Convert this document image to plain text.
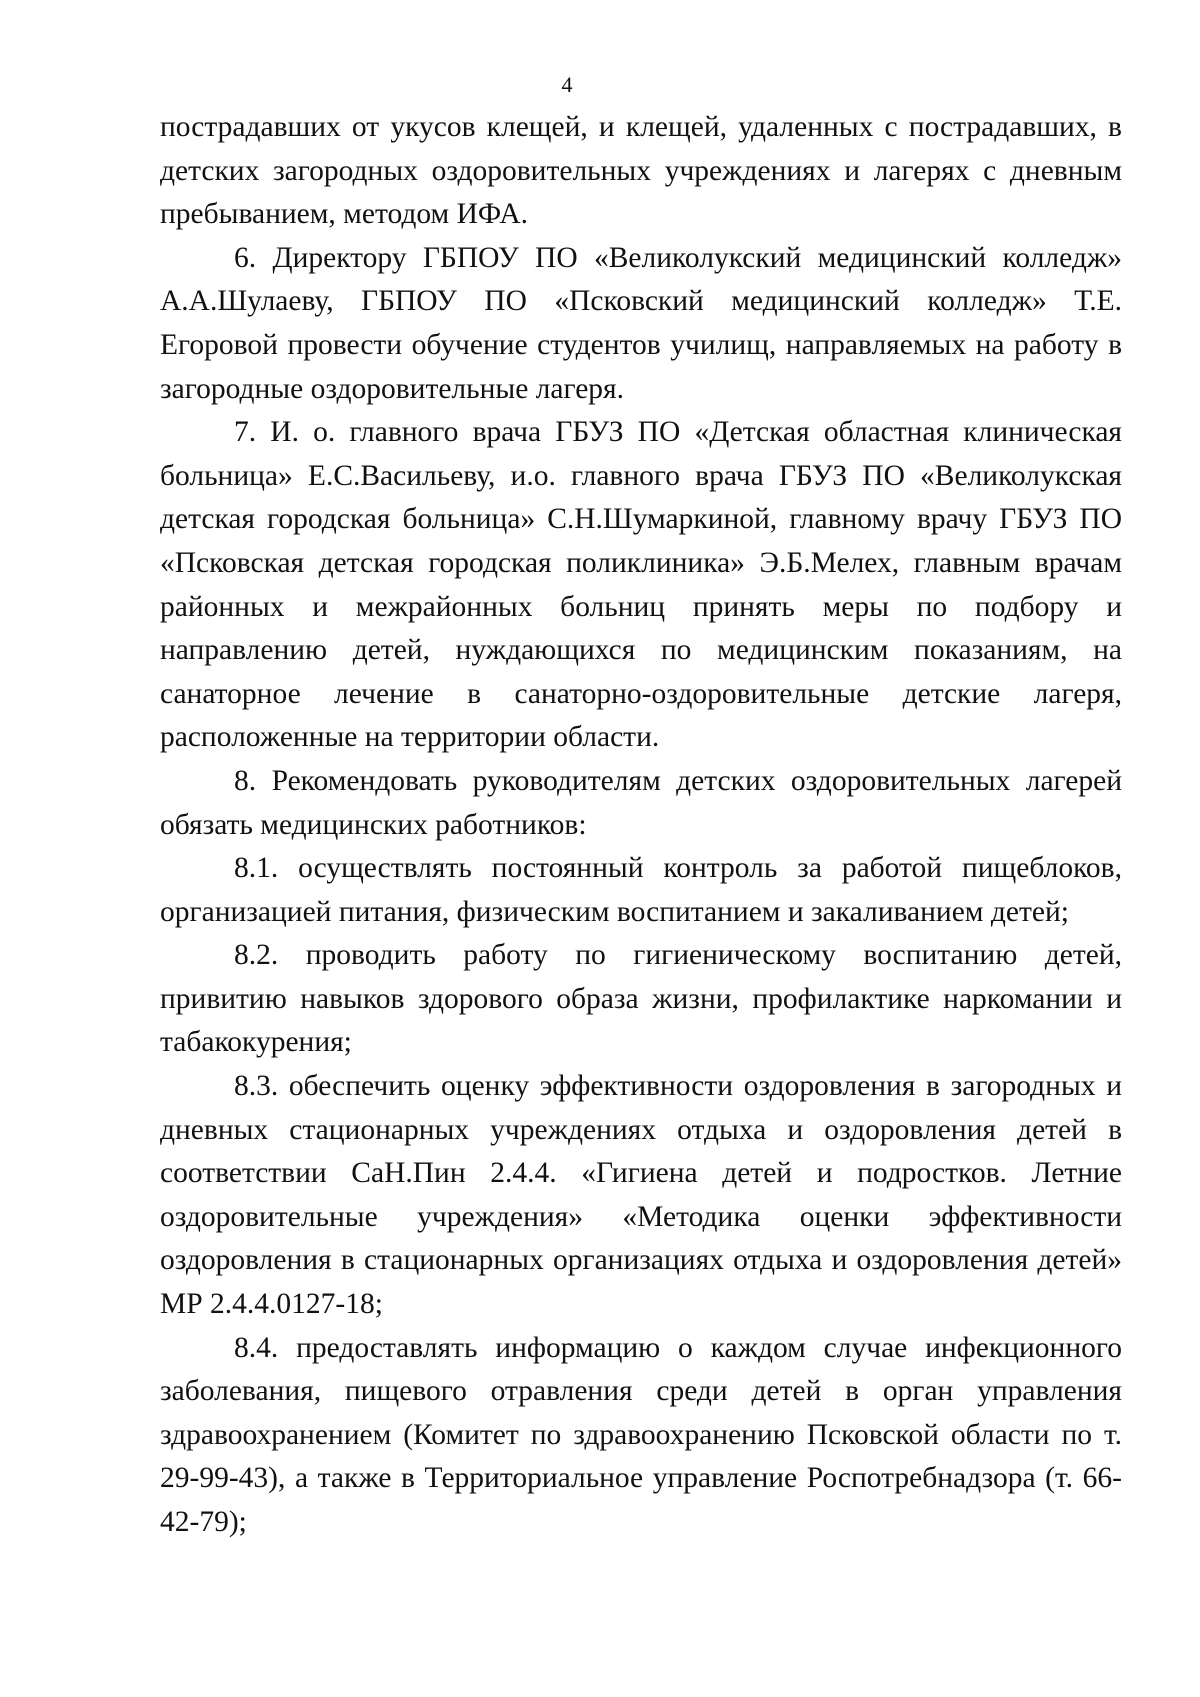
4

пострадавших от укусов клещей, и клещей, удаленных с пострадавших, в детских загородных оздоровительных учреждениях и лагерях с дневным пребыванием, методом ИФА.

6. Директору ГБПОУ ПО «Великолукский медицинский колледж» А.А.Шулаеву, ГБПОУ ПО «Псковский медицинский колледж» Т.Е. Егоровой провести обучение студентов училищ, направляемых на работу в загородные оздоровительные лагеря.

7. И. о. главного врача ГБУЗ ПО «Детская областная клиническая больница» Е.С.Васильеву, и.о. главного врача ГБУЗ ПО «Великолукская детская городская больница» С.Н.Шумаркиной, главному врачу ГБУЗ ПО «Псковская детская городская поликлиника» Э.Б.Мелех, главным врачам районных и межрайонных больниц принять меры по подбору и направлению детей, нуждающихся по медицинским показаниям, на санаторное лечение в санаторно-оздоровительные детские лагеря, расположенные на территории области.

8. Рекомендовать руководителям детских оздоровительных лагерей обязать медицинских работников:

8.1. осуществлять постоянный контроль за работой пищеблоков, организацией питания, физическим воспитанием и закаливанием детей;

8.2. проводить работу по гигиеническому воспитанию детей, привитию навыков здорового образа жизни, профилактике наркомании и табакокурения;

8.3. обеспечить оценку эффективности оздоровления в загородных и дневных стационарных учреждениях отдыха и оздоровления детей в соответствии СаН.Пин 2.4.4. «Гигиена детей и подростков. Летние оздоровительные учреждения» «Методика оценки эффективности оздоровления в стационарных организациях отдыха и оздоровления детей» МР 2.4.4.0127-18;

8.4. предоставлять информацию о каждом случае инфекционного заболевания, пищевого отравления среди детей в орган управления здравоохранением (Комитет по здравоохранению Псковской области по т. 29-99-43), а также в Территориальное управление Роспотребнадзора (т. 66-42-79);
